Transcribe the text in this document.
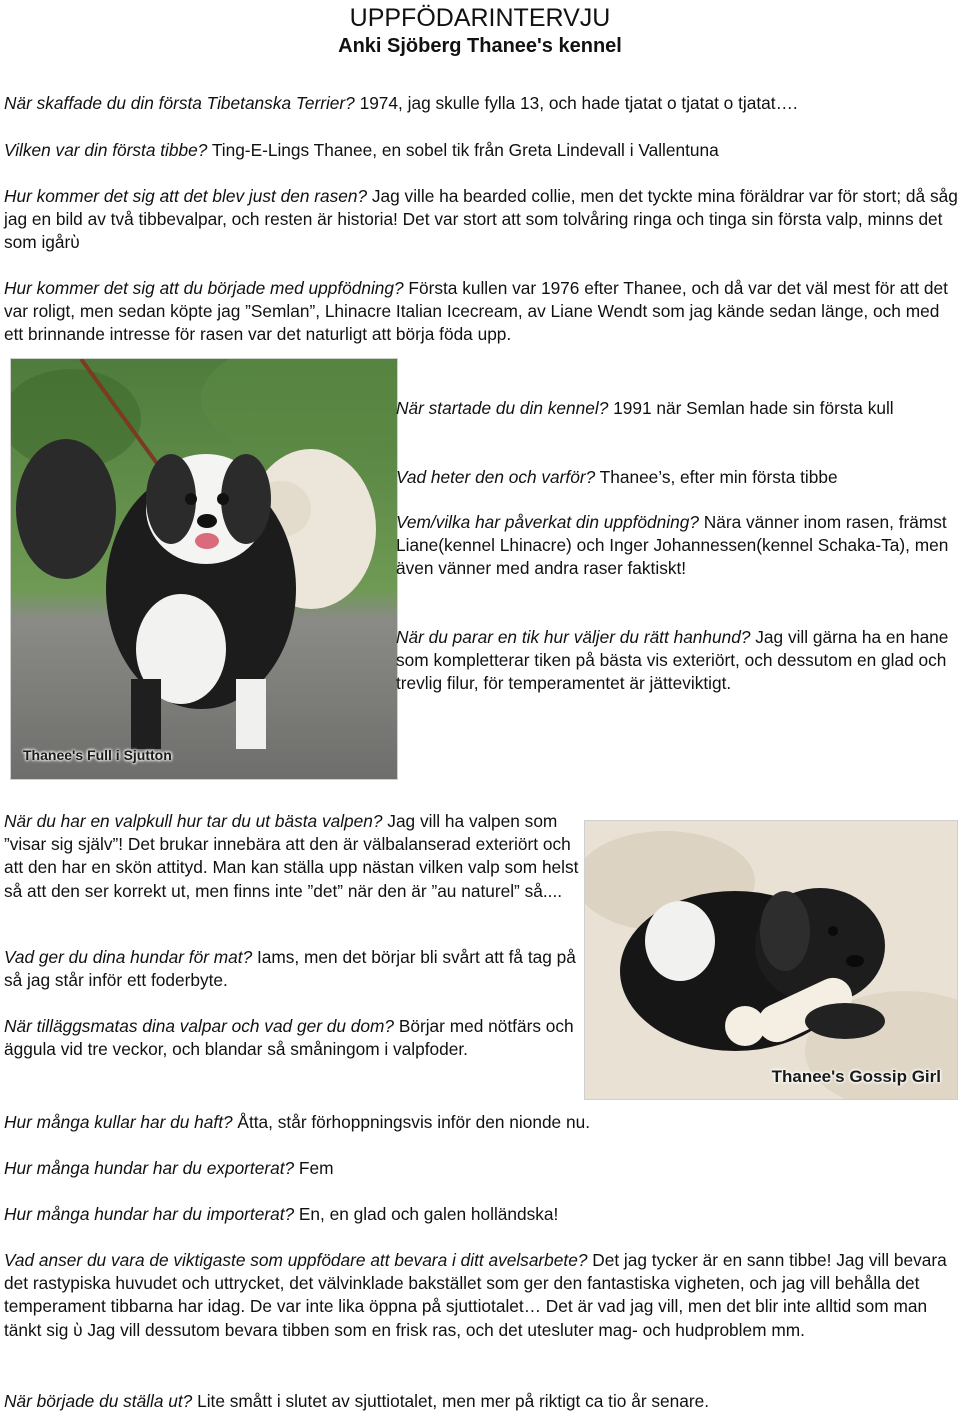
UPPFÖDARINTERVJU
Anki Sjöberg Thanee's kennel

När skaffade du din första Tibetanska Terrier? 1974, jag skulle fylla 13, och hade tjatat o tjatat o tjatat….

Vilken var din första tibbe? Ting-E-Lings Thanee, en sobel tik från Greta Lindevall i Vallentuna

Hur kommer det sig att det blev just den rasen? Jag ville ha bearded collie, men det tyckte mina föräldrar var för stort; då såg jag en bild av två tibbevalpar, och resten är historia! Det var stort att som tolvåring ringa och tinga sin första valp, minns det som igårὺ

Hur kommer det sig att du började med uppfödning? Första kullen var 1976 efter Thanee, och då var det väl mest för att det var roligt, men sedan köpte jag ”Semlan”, Lhinacre Italian Icecream, av Liane Wendt som jag kände sedan länge, och med ett brinnande intresse för rasen var det naturligt att börja föda upp.

Thanee's Full i Sjutton

När startade du din kennel? 1991 när Semlan hade sin första kull

Vad heter den och varför? Thanee’s, efter min första tibbe

Vem/vilka har påverkat din uppfödning? Nära vänner inom rasen, främst Liane(kennel Lhinacre) och Inger Johannessen(kennel Schaka-Ta), men även vänner med andra raser faktiskt!

När du parar en tik hur väljer du rätt hanhund? Jag vill gärna ha en hane som kompletterar tiken på bästa vis exteriört, och dessutom en glad och trevlig filur, för temperamentet är jätteviktigt.

När du har en valpkull hur tar du ut bästa valpen? Jag vill ha valpen som ”visar sig själv”! Det brukar innebära att den är välbalanserad exteriört och att den har en skön attityd. Man kan ställa upp nästan vilken valp som helst så att den ser korrekt ut, men finns inte ”det” när den är ”au naturel” så....

Vad ger du dina hundar för mat? Iams, men det börjar bli svårt att få tag på så jag står inför ett foderbyte.

När tilläggsmatas dina valpar och vad ger du dom? Börjar med nötfärs och äggula vid tre veckor, och blandar så småningom i valpfoder.

Thanee's Gossip Girl

Hur många kullar har du haft? Åtta, står förhoppningsvis inför den nionde nu.

Hur många hundar har du exporterat? Fem

Hur många hundar har du importerat? En, en glad och galen holländska!

Vad anser du vara de viktigaste som uppfödare att bevara i ditt avelsarbete? Det jag tycker är en sann tibbe! Jag vill bevara det rastypiska huvudet och uttrycket, det välvinklade bakstället som ger den fantastiska vigheten, och jag vill behålla det temperament tibbarna har idag. De var inte lika öppna på sjuttiotalet… Det är vad jag vill, men det blir inte alltid som man tänkt sig ὺ Jag vill dessutom bevara tibben som en frisk ras, och det utesluter mag- och hudproblem mm.

När började du ställa ut? Lite smått i slutet av sjuttiotalet, men mer på riktigt ca tio år senare.
